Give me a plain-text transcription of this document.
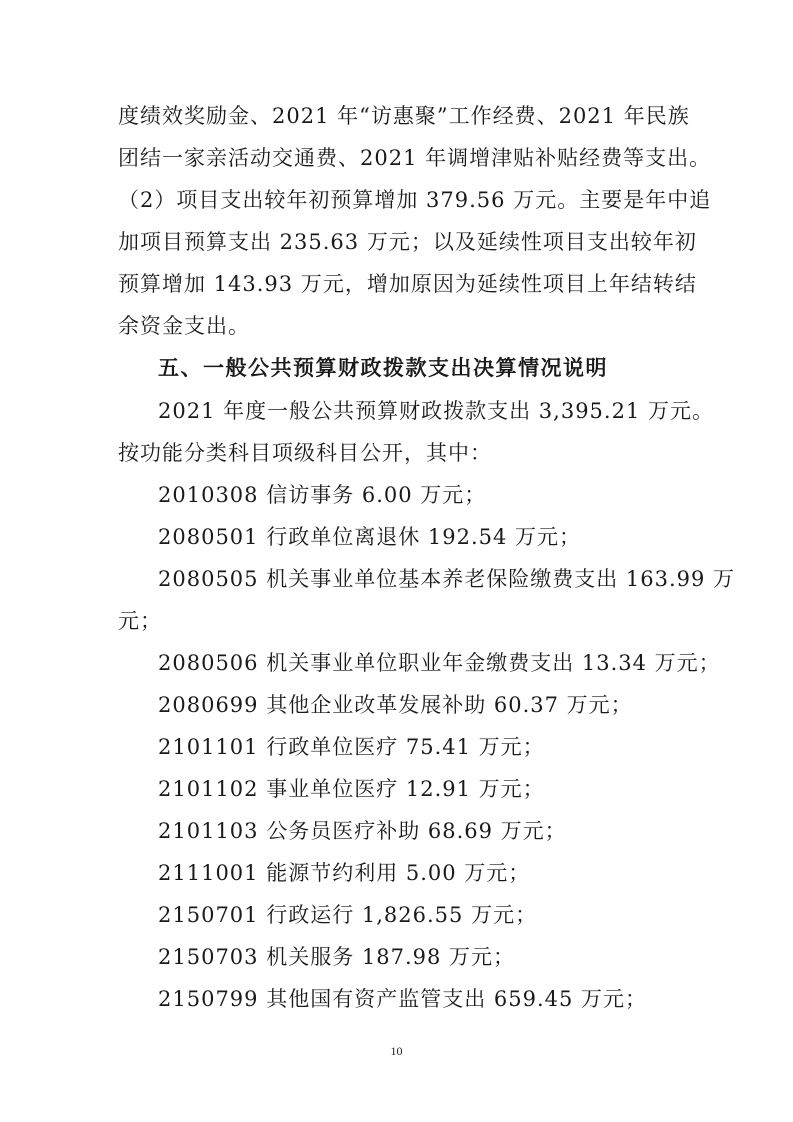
度绩效奖励金、2021 年“访惠聚”工作经费、2021 年民族
团结一家亲活动交通费、2021 年调增津贴补贴经费等支出。
（2）项目支出较年初预算增加 379.56 万元。主要是年中追
加项目预算支出 235.63 万元；以及延续性项目支出较年初
预算增加 143.93 万元，增加原因为延续性项目上年结转结
余资金支出。
五、一般公共预算财政拨款支出决算情况说明
2021 年度一般公共预算财政拨款支出 3,395.21 万元。
按功能分类科目项级科目公开，其中：
2010308 信访事务 6.00 万元；
2080501 行政单位离退休 192.54 万元；
2080505 机关事业单位基本养老保险缴费支出 163.99 万
元；
2080506 机关事业单位职业年金缴费支出 13.34 万元；
2080699 其他企业改革发展补助 60.37 万元；
2101101 行政单位医疗 75.41 万元；
2101102 事业单位医疗 12.91 万元；
2101103 公务员医疗补助 68.69 万元；
2111001 能源节约利用 5.00 万元；
2150701 行政运行 1,826.55 万元；
2150703 机关服务 187.98 万元；
2150799 其他国有资产监管支出 659.45 万元；
10
